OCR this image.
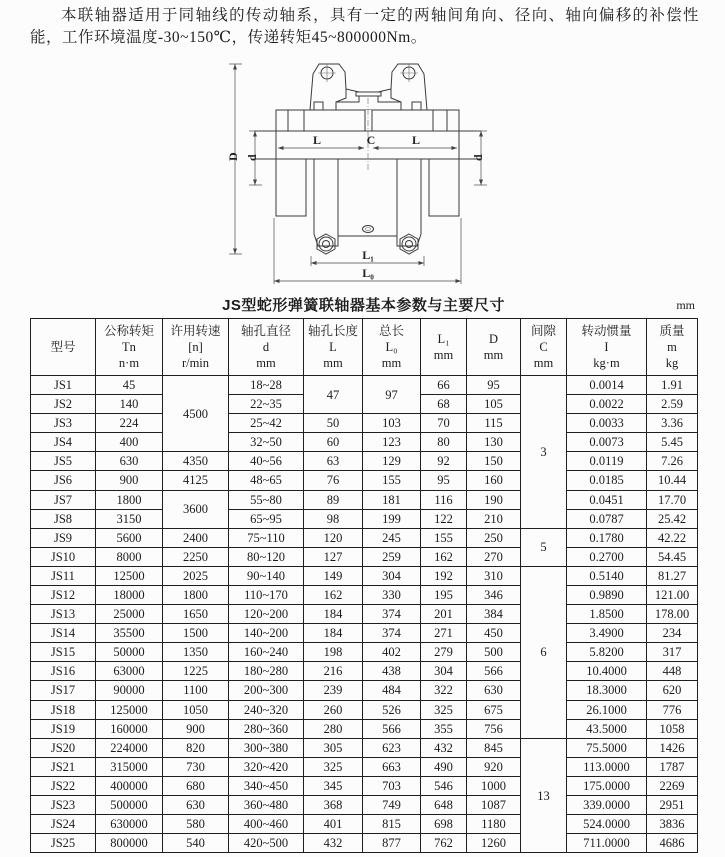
本联轴器适用于同轴线的传动轴系，具有一定的两轴间角向、径向、轴向偏移的补偿性能，工作环境温度-30~150℃，传递转矩45~800000Nm。

D d	d
L	C	L
L₁
L₀
JS型蛇形弹簧联轴器基本参数与主要尺寸	mm
型号

公称转矩
Tn
n·m

许用转速
[n]
r/min

轴孔直径
d
mm

轴孔长度
L
mm

总长
L₀
mm

L₁
mm

D
mm

间隙
C
mm

转动惯量
I
kg·m

质量
m
kg

JS1	45	4500	18~28	47	97	66	95	3	0.0014	1.91
JS2	140		22~35			68	105		0.0022	2.59
JS3	224		25~42	50	103	70	115		0.0033	3.36
JS4	400		32~50	60	123	80	130		0.0073	5.45
JS5	630	4350	40~56	63	129	92	150		0.0119	7.26
JS6	900	4125	48~65	76	155	95	160		0.0185	10.44
JS7	1800	3600	55~80	89	181	116	190		0.0451	17.70
JS8	3150		65~95	98	199	122	210		0.0787	25.42
JS9	5600	2400	75~110	120	245	155	250	5	0.1780	42.22
JS10	8000	2250	80~120	127	259	162	270		0.2700	54.45
JS11	12500	2025	90~140	149	304	192	310	6	0.5140	81.27
JS12	18000	1800	110~170	162	330	195	346		0.9890	121.00
JS13	25000	1650	120~200	184	374	201	384		1.8500	178.00
JS14	35500	1500	140~200	184	374	271	450		3.4900	234
JS15	50000	1350	160~240	198	402	279	500		5.8200	317
JS16	63000	1225	180~280	216	438	304	566		10.4000	448
JS17	90000	1100	200~300	239	484	322	630		18.3000	620
JS18	125000	1050	240~320	260	526	325	675		26.1000	776
JS19	160000	900	280~360	280	566	355	756		43.5000	1058
JS20	224000	820	300~380	305	623	432	845	13	75.5000	1426
JS21	315000	730	320~420	325	663	490	920		113.0000	1787
JS22	400000	680	340~450	345	703	546	1000		175.0000	2269
JS23	500000	630	360~480	368	749	648	1087		339.0000	2951
JS24	630000	580	400~460	401	815	698	1180		524.0000	3836
JS25	800000	540	420~500	432	877	762	1260		711.0000	4686
